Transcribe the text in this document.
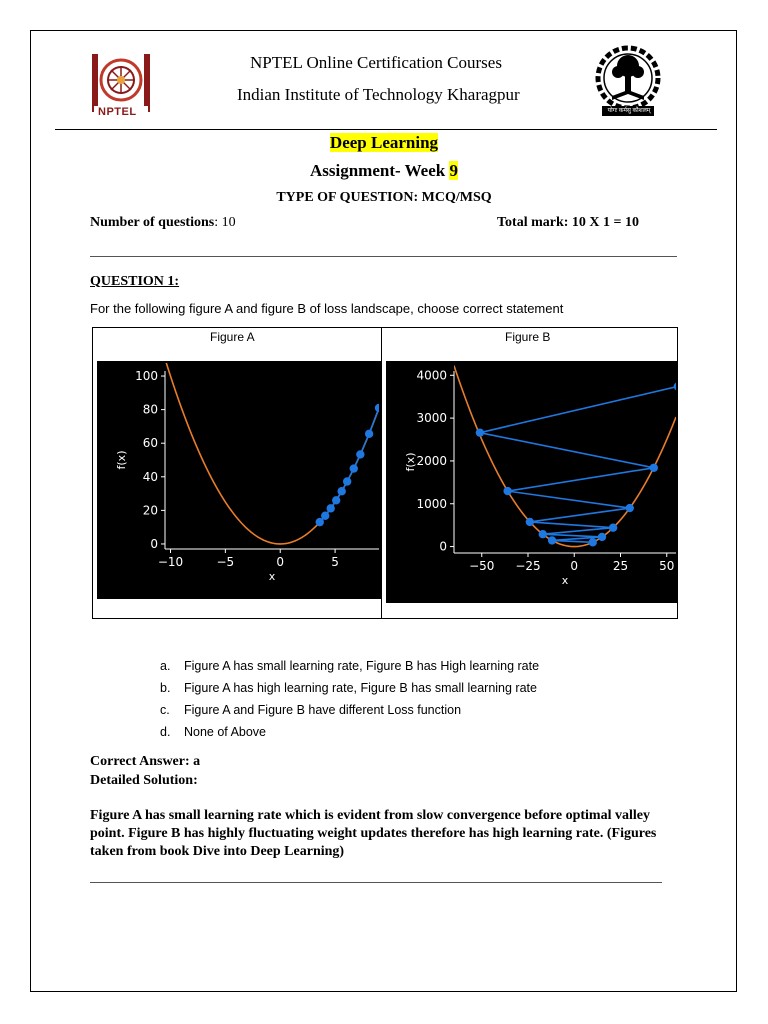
NPTEL
NPTEL Online Certification Courses
Indian Institute of Technology Kharagpur
योगः कर्मसु कौशलम्
Deep Learning
Assignment- Week 9
TYPE OF QUESTION: MCQ/MSQ
Number of questions: 10	Total mark: 10 X 1 = 10
QUESTION 1:
For the following figure A and figure B of loss landscape, choose correct statement
Figure A	Figure B
−10	−5	0	5
0
20
40
60
80
100
x
f(x)
−50 −25 0	25	50
0
1000
2000
3000
4000
x
f(x)
a. Figure A has small learning rate, Figure B has High learning rate
b. Figure A has high learning rate, Figure B has small learning rate
c. Figure A and Figure B have different Loss function
d. None of Above
Correct Answer: a
Detailed Solution:
Figure A has small learning rate which is evident from slow convergence before optimal valley point. Figure B has highly fluctuating weight updates therefore has high learning rate. (Figures taken from book Dive into Deep Learning)
